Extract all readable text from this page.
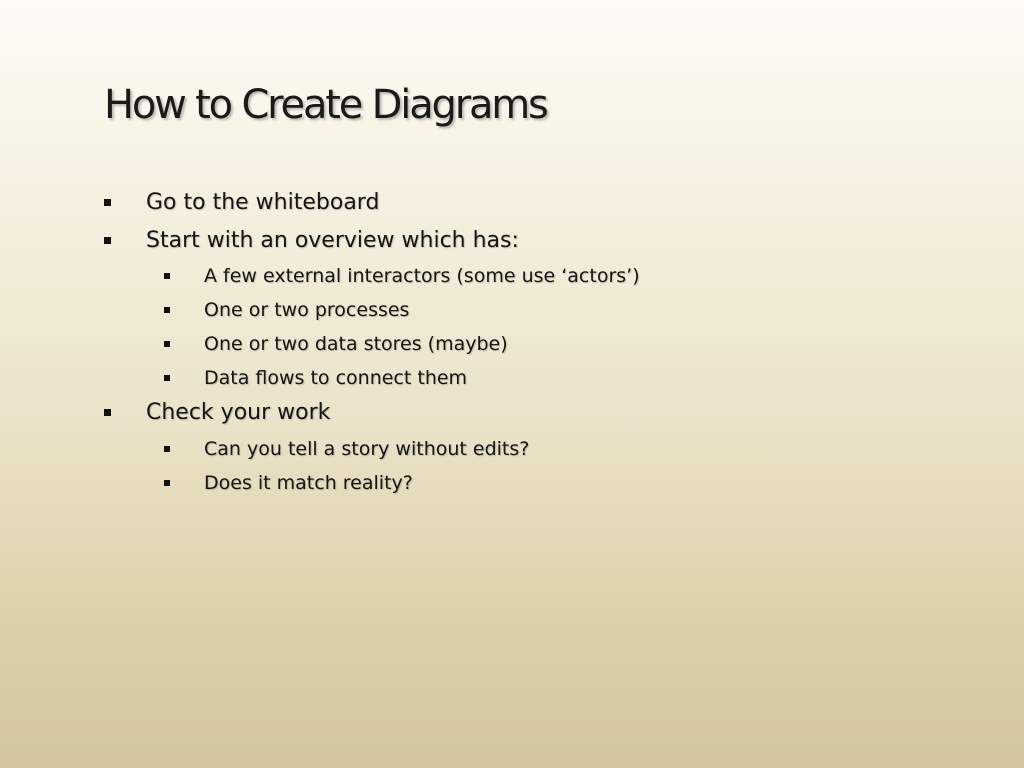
How to Create Diagrams
Go to the whiteboard
Start with an overview which has:
A few external interactors (some use ‘actors’)
One or two processes
One or two data stores (maybe)
Data flows to connect them
Check your work
Can you tell a story without edits?
Does it match reality?
